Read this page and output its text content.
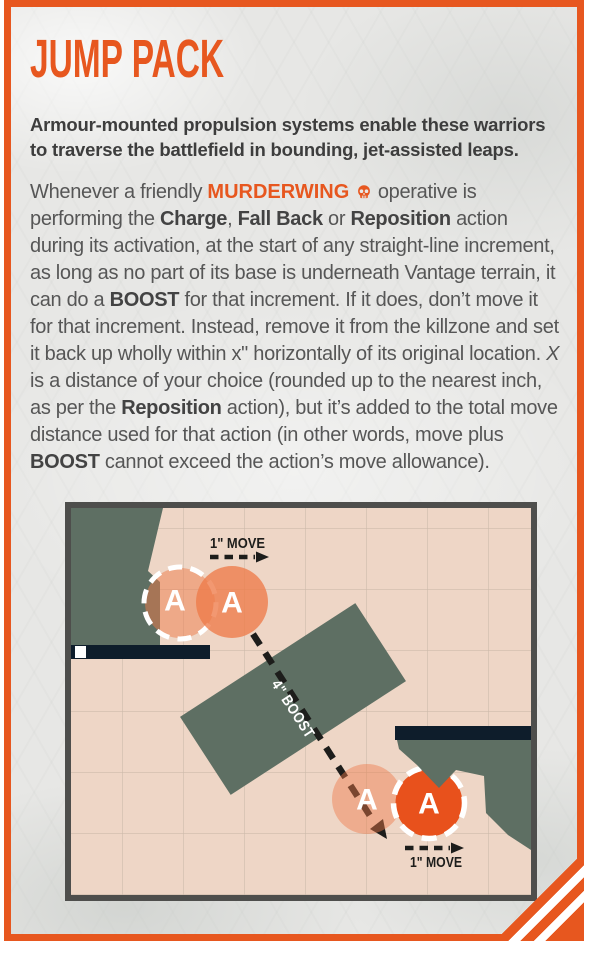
JUMP PACK

Armour-mounted propulsion systems enable these warriors to traverse the battlefield in bounding, jet-assisted leaps.

Whenever a friendly MURDERWING  operative is performing the Charge, Fall Back or Reposition action during its activation, at the start of any straight-line increment, as long as no part of its base is underneath Vantage terrain, it can do a BOOST for that increment. If it does, don’t move it for that increment. Instead, remove it from the killzone and set it back up wholly within x" horizontally of its original location. X is a distance of your choice (rounded up to the nearest inch, as per the Reposition action), but it’s added to the total move distance used for that action (in other words, move plus BOOST cannot exceed the action’s move allowance).

1" MOVE
4" BOOST
1" MOVE
A A
A A
